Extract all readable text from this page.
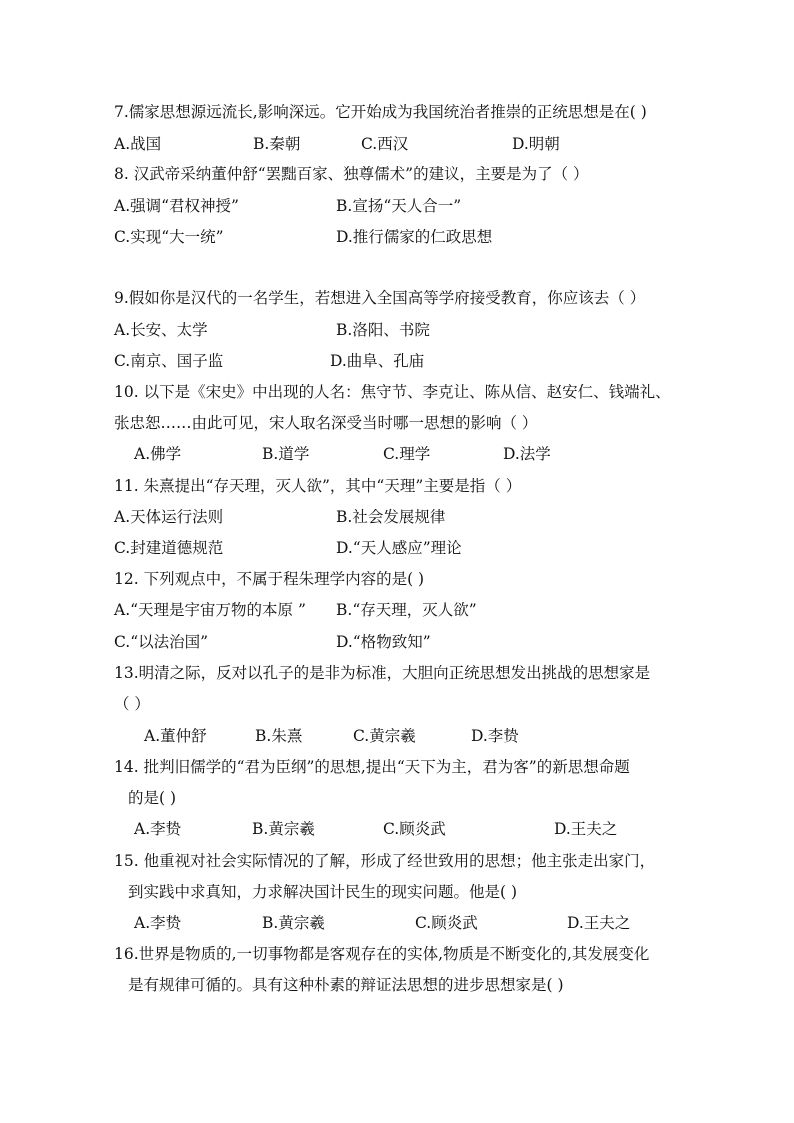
7.儒家思想源远流长,影响深远。它开始成为我国统治者推崇的正统思想是在( )
A.战国	B.秦朝	C.西汉	D.明朝
8. 汉武帝采纳董仲舒“罢黜百家、独尊儒术”的建议，主要是为了（ ）
A.强调“君权神授”	B.宣扬“天人合一”
C.实现“大一统”	D.推行儒家的仁政思想
9.假如你是汉代的一名学生，若想进入全国高等学府接受教育，你应该去（ ）
A.长安、太学	B.洛阳、书院
C.南京、国子监	D.曲阜、孔庙
10. 以下是《宋史》中出现的人名：焦守节、李克让、陈从信、赵安仁、钱端礼、
张忠恕……由此可见，宋人取名深受当时哪一思想的影响（ ）
A.佛学	B.道学	C.理学	D.法学
11. 朱熹提出“存天理，灭人欲”，其中“天理”主要是指（ ）
A.天体运行法则	B.社会发展规律
C.封建道德规范	D.“天人感应”理论
12. 下列观点中，不属于程朱理学内容的是( )
A.“天理是宇宙万物的本原 ” B.“存天理，灭人欲”
C.“以法治国”	D.“格物致知”
13.明清之际，反对以孔子的是非为标准，大胆向正统思想发出挑战的思想家是
（ ）
A.董仲舒	B.朱熹	C.黄宗羲	D.李贽
14. 批判旧儒学的“君为臣纲”的思想,提出“天下为主，君为客”的新思想命题
的是( )
A.李贽	B.黄宗羲	C.顾炎武	D.王夫之
15. 他重视对社会实际情况的了解，形成了经世致用的思想；他主张走出家门，
到实践中求真知，力求解决国计民生的现实问题。他是( )
A.李贽	B.黄宗羲	C.顾炎武	D.王夫之
16.世界是物质的,一切事物都是客观存在的实体,物质是不断变化的,其发展变化
是有规律可循的。具有这种朴素的辩证法思想的进步思想家是( )
